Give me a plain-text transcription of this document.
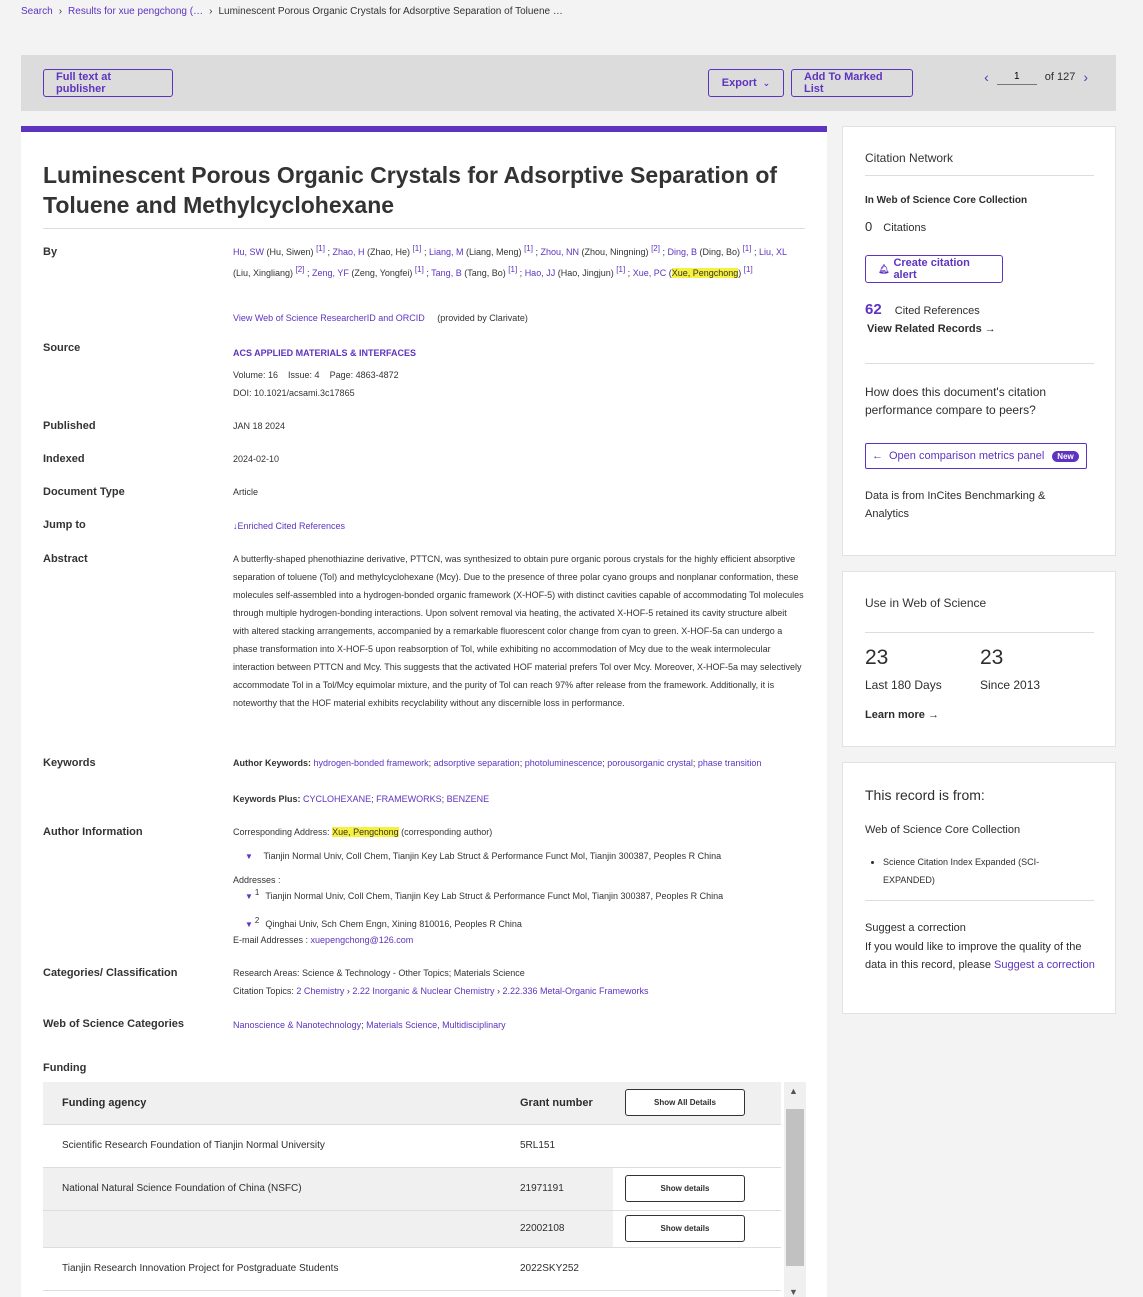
Search › Results for xue pengchong (… › Luminescent Porous Organic Crystals for Adsorptive Separation of Toluene …
Full text at publisher	Export ⌄	Add To Marked List
‹
1	of 127 ›
Luminescent Porous Organic Crystals for Adsorptive Separation of Toluene and Methylcyclohexane
By	Hu, SW (Hu, Siwen) [1] ; Zhao, H (Zhao, He) [1] ; Liang, M (Liang, Meng) [1] ; Zhou, NN (Zhou, Ningning) [2] ; Ding, B (Ding, Bo) [1] ; Liu, XL (Liu, Xingliang) [2] ; Zeng, YF (Zeng, Yongfei) [1] ; Tang, B (Tang, Bo) [1] ; Hao, JJ (Hao, Jingjun) [1] ; Xue, PC (Xue, Pengchong) [1]
View Web of Science ResearcherID and ORCID (provided by Clarivate)
Source	ACS APPLIED MATERIALS & INTERFACES
Volume: 16 Issue: 4 Page: 4863-4872
DOI: 10.1021/acsami.3c17865
Published	JAN 18 2024
Indexed	2024-02-10
Document Type	Article
Jump to	↓Enriched Cited References
Abstract	A butterfly-shaped phenothiazine derivative, PTTCN, was synthesized to obtain pure organic porous crystals for the highly efficient absorptive separation of toluene (Tol) and methylcyclohexane (Mcy). Due to the presence of three polar cyano groups and nonplanar conformation, these molecules self-assembled into a hydrogen-bonded organic framework (X-HOF-5) with distinct cavities capable of accommodating Tol molecules through multiple hydrogen-bonding interactions. Upon solvent removal via heating, the activated X-HOF-5 retained its cavity structure albeit with altered stacking arrangements, accompanied by a remarkable fluorescent color change from cyan to green. X-HOF-5a can undergo a phase transformation into X-HOF-5 upon reabsorption of Tol, while exhibiting no accommodation of Mcy due to the weak intermolecular interaction between PTTCN and Mcy. This suggests that the activated HOF material prefers Tol over Mcy. Moreover, X-HOF-5a may selectively accommodate Tol in a Tol/Mcy equimolar mixture, and the purity of Tol can reach 97% after release from the framework. Additionally, it is noteworthy that the HOF material exhibits recyclability without any discernible loss in performance.
Keywords	Author Keywords: hydrogen-bonded framework; adsorptive separation; photoluminescence; porousorganic crystal; phase transition
Keywords Plus: CYCLOHEXANE; FRAMEWORKS; BENZENE
Author Information	Corresponding Address: Xue, Pengchong (corresponding author)
▼ Tianjin Normal Univ, Coll Chem, Tianjin Key Lab Struct & Performance Funct Mol, Tianjin 300387, Peoples R China
Addresses :
▼ $^1$ Tianjin Normal Univ, Coll Chem, Tianjin Key Lab Struct & Performance Funct Mol, Tianjin 300387, Peoples R China
▼ $^2$ Qinghai Univ, Sch Chem Engn, Xining 810016, Peoples R China
E-mail Addresses : xuepengchong@126.com
Categories/ Classification	Research Areas: Science & Technology - Other Topics; Materials Science
Citation Topics: 2 Chemistry › 2.22 Inorganic & Nuclear Chemistry › 2.22.336 Metal-Organic Frameworks
Web of Science Categories	Nanoscience & Nanotechnology; Materials Science, Multidisciplinary
Funding
Funding agency	Grant number	Show All Details
Scientific Research Foundation of Tianjin Normal University	5RL151
National Natural Science Foundation of China (NSFC)	21971191	Show details
22002108	Show details
Tianjin Research Innovation Project for Postgraduate Students	2022SKY252
▲
▼
Citation Network
In Web of Science Core Collection
0 Citations
🔔︎ Create citation alert
62 Cited References
View Related Records →
How does this document's citation performance compare to peers?
← Open comparison metrics panel	New
Data is from InCites Benchmarking & Analytics
Use in Web of Science
23
Last 180 Days
23
Since 2013
Learn more →
This record is from:
Web of Science Core Collection
• Science Citation Index Expanded (SCI-EXPANDED)
Suggest a correction
If you would like to improve the quality of the data in this record, please Suggest a correction
